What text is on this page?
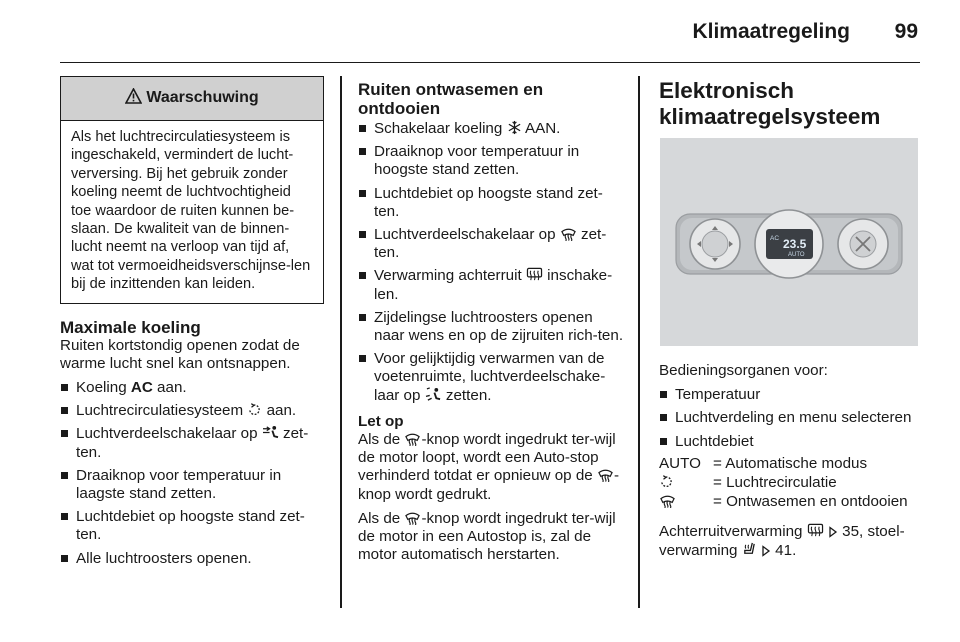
Klimaatregeling 99
Waarschuwing
Als het luchtrecirculatiesysteem is ingeschakeld, vermindert de lucht-verversing. Bij het gebruik zonder koeling neemt de luchtvochtigheid toe waardoor de ruiten kunnen be-slaan. De kwaliteit van de binnen-lucht neemt na verloop van tijd af, wat tot vermoeidheidsverschijnse-len bij de inzittenden kan leiden.
Maximale koeling

Ruiten kortstondig openen zodat de warme lucht snel kan ontsnappen.

Koeling AC aan.
Luchtrecirculatiesysteem
aan.
Luchtverdeelschakelaar op
zet-ten.
Draaiknop voor temperatuur in laagste stand zetten.
Luchtdebiet op hoogste stand zet-ten.
Alle luchtroosters openen.
Ruiten ontwasemen en ontdooien
Schakelaar koeling
AAN.
Draaiknop voor temperatuur in hoogste stand zetten.
Luchtdebiet op hoogste stand zet-ten.
Luchtverdeelschakelaar op
zet-ten.
Verwarming achterruit
inschake-len.
Zijdelingse luchtroosters openen naar wens en op de zijruiten rich-ten.
Voor gelijktijdig verwarmen van de voetenruimte, luchtverdeelschake-laar op
zetten.

Let op

Als de
-knop wordt ingedrukt ter-wijl de motor loopt, wordt een Auto-stop verhinderd totdat er opnieuw op de
-knop wordt gedrukt.

Als de
-knop wordt ingedrukt ter-wijl de motor in een Autostop is, zal de motor automatisch herstarten.

Elektronisch klimaatregelsysteem
AC 23.5
AUTO

Bedieningsorganen voor:

Temperatuur
Luchtverdeling en menu selecteren
Luchtdebiet
AUTO = Automatische modus
= Luchtrecirculatie
= Ontwasemen en ontdooien

Achterruitverwarming

35, stoel-
verwarming

41.
